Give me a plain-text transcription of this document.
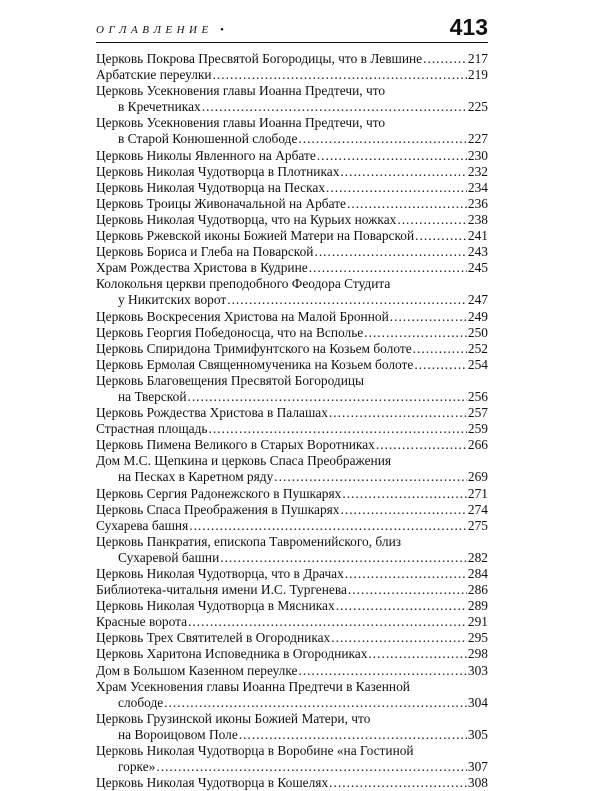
ОГЛАВЛЕНИЕ •	413
Церковь Покрова Пресвятой Богородицы, что в Левшине .....	217
Арбатские переулки .....	219
Церковь Усекновения главы Иоанна Предтечи, что
в Кречетниках .....	225
Церковь Усекновения главы Иоанна Предтечи, что
в Старой Конюшенной слободе .....	227
Церковь Николы Явленного на Арбате .....	230
Церковь Николая Чудотворца в Плотниках .....	232
Церковь Николая Чудотворца на Песках .....	234
Церковь Троицы Живоначальной на Арбате .....	236
Церковь Николая Чудотворца, что на Курьих ножках .....	238
Церковь Ржевской иконы Божией Матери на Поварской .....	241
Церковь Бориса и Глеба на Поварской .....	243
Храм Рождества Христова в Кудрине .....	245
Колокольня церкви преподобного Феодора Студита
у Никитских ворот .....	247
Церковь Воскресения Христова на Малой Бронной .....	249
Церковь Георгия Победоносца, что на Всполье .....	250
Церковь Спиридона Тримифунтского на Козьем болоте .....	252
Церковь Ермолая Священномученика на Козьем болоте .....	254
Церковь Благовещения Пресвятой Богородицы
на Тверской .....	256
Церковь Рождества Христова в Палашах .....	257
Страстная площадь .....	259
Церковь Пимена Великого в Старых Воротниках .....	266
Дом М.С. Щепкина и церковь Спаса Преображения
на Песках в Каретном ряду .....	269
Церковь Сергия Радонежского в Пушкарях .....	271
Церковь Спаса Преображения в Пушкарях .....	274
Сухарева башня .....	275
Церковь Панкратия, епископа Тавроменийского, близ
Сухаревой башни .....	282
Церковь Николая Чудотворца, что в Драчах .....	284
Библиотека-читальня имени И.С. Тургенева .....	286
Церковь Николая Чудотворца в Мясниках .....	289
Красные ворота .....	291
Церковь Трех Святителей в Огородниках .....	295
Церковь Харитона Исповедника в Огородниках .....	298
Дом в Большом Казенном переулке .....	303
Храм Усекновения главы Иоанна Предтечи в Казенной
слободе .....	304
Церковь Грузинской иконы Божией Матери, что
на Вороицовом Поле .....	305
Церковь Николая Чудотворца в Воробине «на Гостиной
горке» .....	307
Церковь Николая Чудотворца в Кошелях .....	308
